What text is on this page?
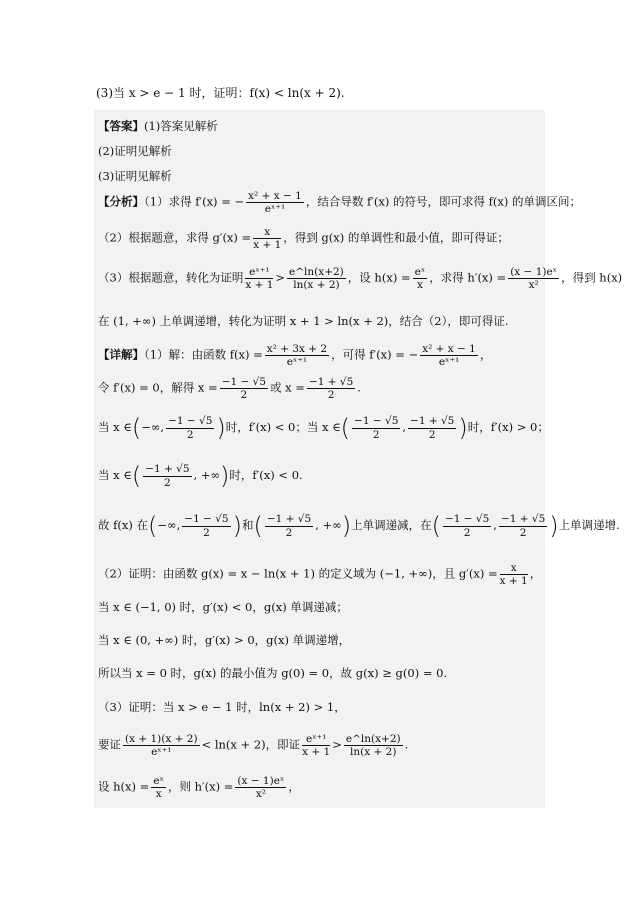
(3)当 x > e − 1 时，证明：f(x) < ln(x + 2).
【答案】(1)答案见解析
(2)证明见解析
(3)证明见解析
【分析】（1）求得 f′(x) = − $\frac{\text{x² + x − 1}}{\text{eˣ⁺¹}}$ ，结合导数 f′(x) 的符号，即可求得 f(x) 的单调区间；
（2）根据题意，求得 $g'(x) = \frac{x}{x + 1}$ ，得到 g(x) 的单调性和最小值，即可得证；
（3）根据题意，转化为证明 $\frac{\text{eˣ⁺¹}}{x + 1} > \frac{e\^{}\ln(x+2)}{\ln(x + 2)}$ ，设 $h(x) = \frac{\text{eˣ}}{x}$ ，求得 $h'(x) = \frac{\text{(x − 1)eˣ}}{\text{x²}}$ ，得到 h(x)
在 (1, +∞) 上单调递增，转化为证明 x + 1 > ln(x + 2)，结合（2），即可得证.
【详解】（1）解：由函数 $f(x) = \frac{\text{x² + 3x + 2}}{\text{eˣ⁺¹}}$ ，可得 f′(x) = − $\frac{\text{x² + x − 1}}{\text{eˣ⁺¹}}$ ，
令 f′(x) = 0，解得 $x = \frac{-1 - √5}{2}$ 或 $x = \frac{-1 + √5}{2}$ .
当 x ∈(−∞, $\frac{-1 - √5}{2}$ )时，f′(x) < 0；当 x ∈( $\frac{-1 - √5}{2}$ , $\frac{-1 + √5}{2}$ )时，f′(x) > 0；
当 x ∈( $\frac{-1 + √5}{2}$ , +∞)时，f′(x) < 0.
故 f(x) 在(−∞, $\frac{-1 - √5}{2}$ )和( $\frac{-1 + √5}{2}$ , +∞)上单调递减，在( $\frac{-1 - √5}{2}$ , $\frac{-1 + √5}{2}$ )上单调递增.
（2）证明：由函数 g(x) = x − ln(x + 1) 的定义域为 (−1, +∞)，且 $g'(x) = \frac{x}{x + 1}$ ，
当 x ∈ (−1, 0) 时，g′(x) < 0，g(x) 单调递减；
当 x ∈ (0, +∞) 时，g′(x) > 0，g(x) 单调递增，
所以当 x = 0 时，g(x) 的最小值为 g(0) = 0，故 g(x) ≥ g(0) = 0.
（3）证明：当 x > e − 1 时，ln(x + 2) > 1，
要证 $\frac{(x + 1)(x + 2)}{\text{eˣ⁺¹}} < \ln(x + 2)$，即证 $\frac{\text{eˣ⁺¹}}{x + 1} > \frac{e\^{}\ln(x+2)}{\ln(x + 2)}$ .
设 $h(x) = \frac{\text{eˣ}}{x}$ ，则 $h'(x) = \frac{\text{(x − 1)eˣ}}{\text{x²}}$ ，
